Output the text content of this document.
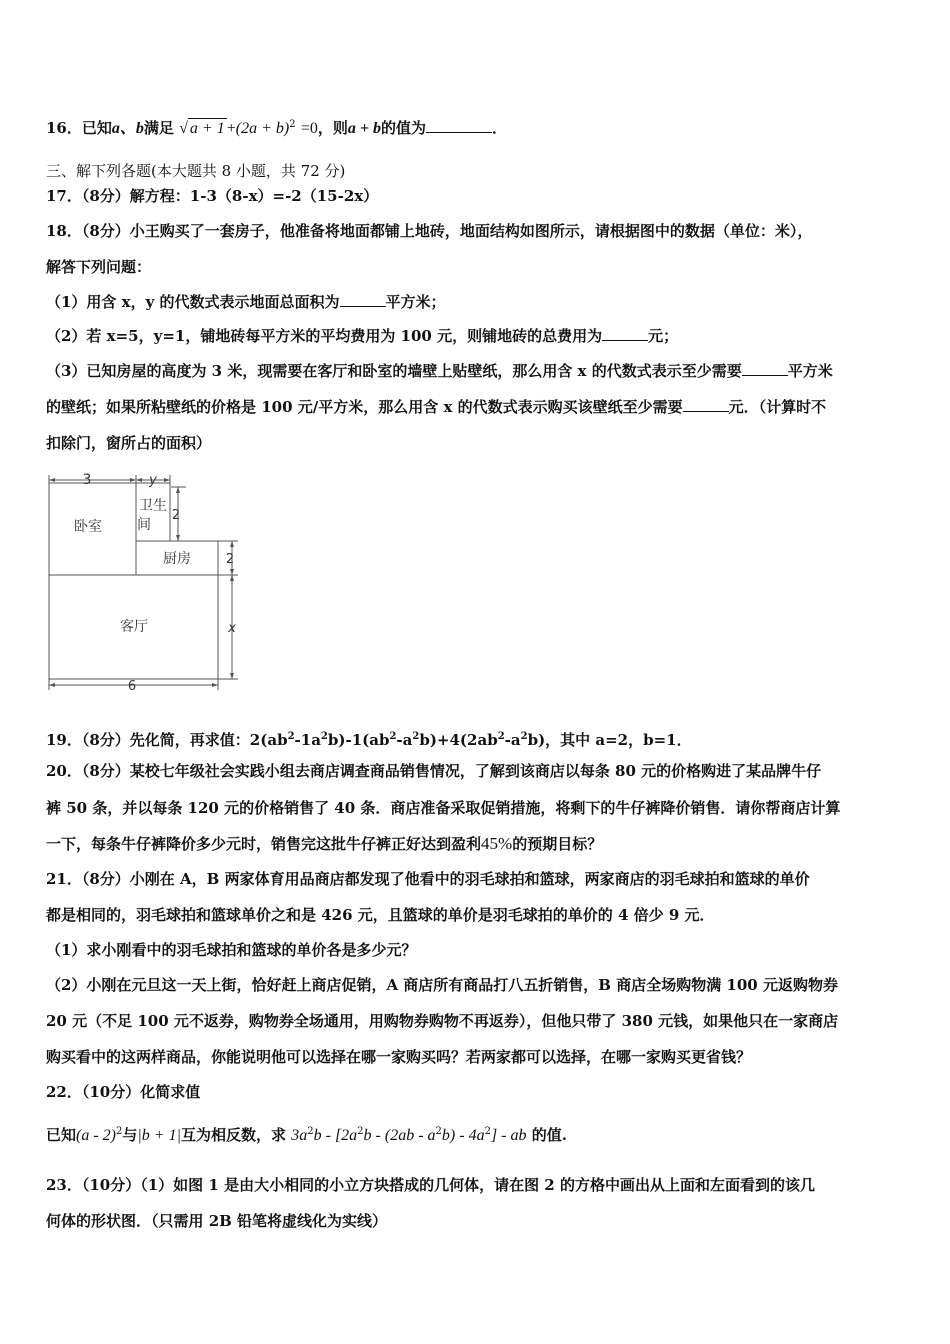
16．已知a、b满足 √ $a + 1 +(2a + b)^2 =0$，则a + b的值为	．
三、解下列各题(本大题共 8 小题，共 72 分)
17．（8分）解方程：1-3（8-x）=-2（15-2x）
18．（8分）小王购买了一套房子，他准备将地面都铺上地砖，地面结构如图所示，请根据图中的数据（单位：米），
解答下列问题：
（1）用含 x，y 的代数式表示地面总面积为	平方米；
（2）若 x=5，y=1，铺地砖每平方米的平均费用为 100 元，则铺地砖的总费用为	元；
（3）已知房屋的高度为 3 米，现需要在客厅和卧室的墙壁上贴壁纸，那么用含 x 的代数式表示至少需要	平方米
的壁纸；如果所粘壁纸的价格是 100 元/平方米，那么用含 x 的代数式表示购买该壁纸至少需要	元．（计算时不
扣除门，窗所占的面积）
3	y
卧室
卫生
间
2
厨房	2
客厅	x
6
19．（8分）先化简，再求值：$2(ab^2-1a^2b)-1(ab^2-a^2b)+4(2ab^2-a^2b)$，其中 a=2，b=1．
20．（8分）某校七年级社会实践小组去商店调查商品销售情况，了解到该商店以每条 80 元的价格购进了某品牌牛仔
裤 50 条，并以每条 120 元的价格销售了 40 条．商店准备采取促销措施，将剩下的牛仔裤降价销售．请你帮商店计算
一下，每条牛仔裤降价多少元时，销售完这批牛仔裤正好达到盈利45%的预期目标？
21．（8分）小刚在 A，B 两家体育用品商店都发现了他看中的羽毛球拍和篮球，两家商店的羽毛球拍和篮球的单价
都是相同的，羽毛球拍和篮球单价之和是 426 元，且篮球的单价是羽毛球拍的单价的 4 倍少 9 元．
（1）求小刚看中的羽毛球拍和篮球的单价各是多少元？
（2）小刚在元旦这一天上街，恰好赶上商店促销，A 商店所有商品打八五折销售，B 商店全场购物满 100 元返购物券
20 元（不足 100 元不返券，购物券全场通用，用购物券购物不再返券），但他只带了 380 元钱，如果他只在一家商店
购买看中的这两样商品，你能说明他可以选择在哪一家购买吗？若两家都可以选择，在哪一家购买更省钱？
22．（10分）化简求值
已知(a - 2)$^2$与|b + 1|互为相反数，求 $3a^2b - [2a^2b - (2ab - a^2b) - 4a^2]$ - ab 的值.
23．（10分）（1）如图 1 是由大小相同的小立方块搭成的几何体，请在图 2 的方格中画出从上面和左面看到的该几
何体的形状图．（只需用 2B 铅笔将虚线化为实线）
